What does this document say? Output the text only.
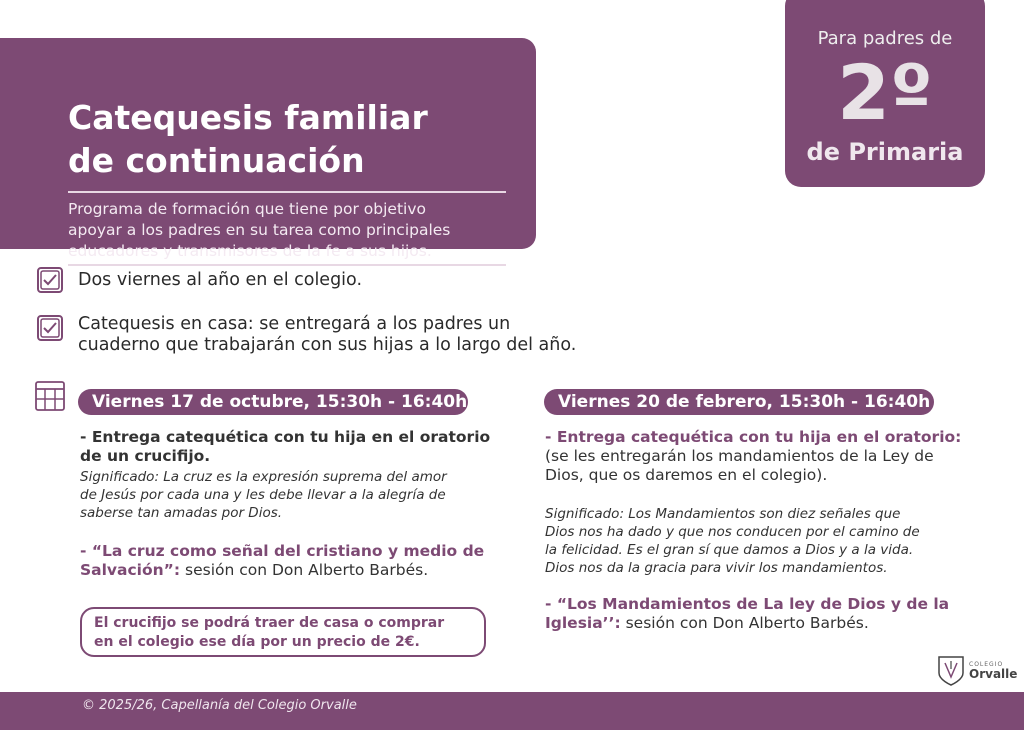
Catequesis familiar
de continuación
Programa de formación que tiene por objetivo
apoyar a los padres en su tarea como principales
educadores y transmisores de la fe a sus hijos.
Para padres de
2º
de Primaria
Dos viernes al año en el colegio.
Catequesis en casa: se entregará a los padres un
cuaderno que trabajarán con sus hijas a lo largo del año.
Viernes 17 de octubre, 15:30h - 16:40h
- Entrega catequética con tu hija en el oratorio
de un crucifijo.
Significado: La cruz es la expresión suprema del amor
de Jesús por cada una y les debe llevar a la alegría de
saberse tan amadas por Dios.
- “La cruz como señal del cristiano y medio de
Salvación”: sesión con Don Alberto Barbés.
El crucifijo se podrá traer de casa o comprar
en el colegio ese día por un precio de 2€.
Viernes 20 de febrero, 15:30h - 16:40h
- Entrega catequética con tu hija en el oratorio:
(se les entregarán los mandamientos de la Ley de
Dios, que os daremos en el colegio).
Significado: Los Mandamientos son diez señales que
Dios nos ha dado y que nos conducen por el camino de
la felicidad. Es el gran sí que damos a Dios y a la vida.
Dios nos da la gracia para vivir los mandamientos.
- “Los Mandamientos de La ley de Dios y de la
Iglesia’’: sesión con Don Alberto Barbés.
COLEGIO
Orvalle
© 2025/26, Capellanía del Colegio Orvalle
